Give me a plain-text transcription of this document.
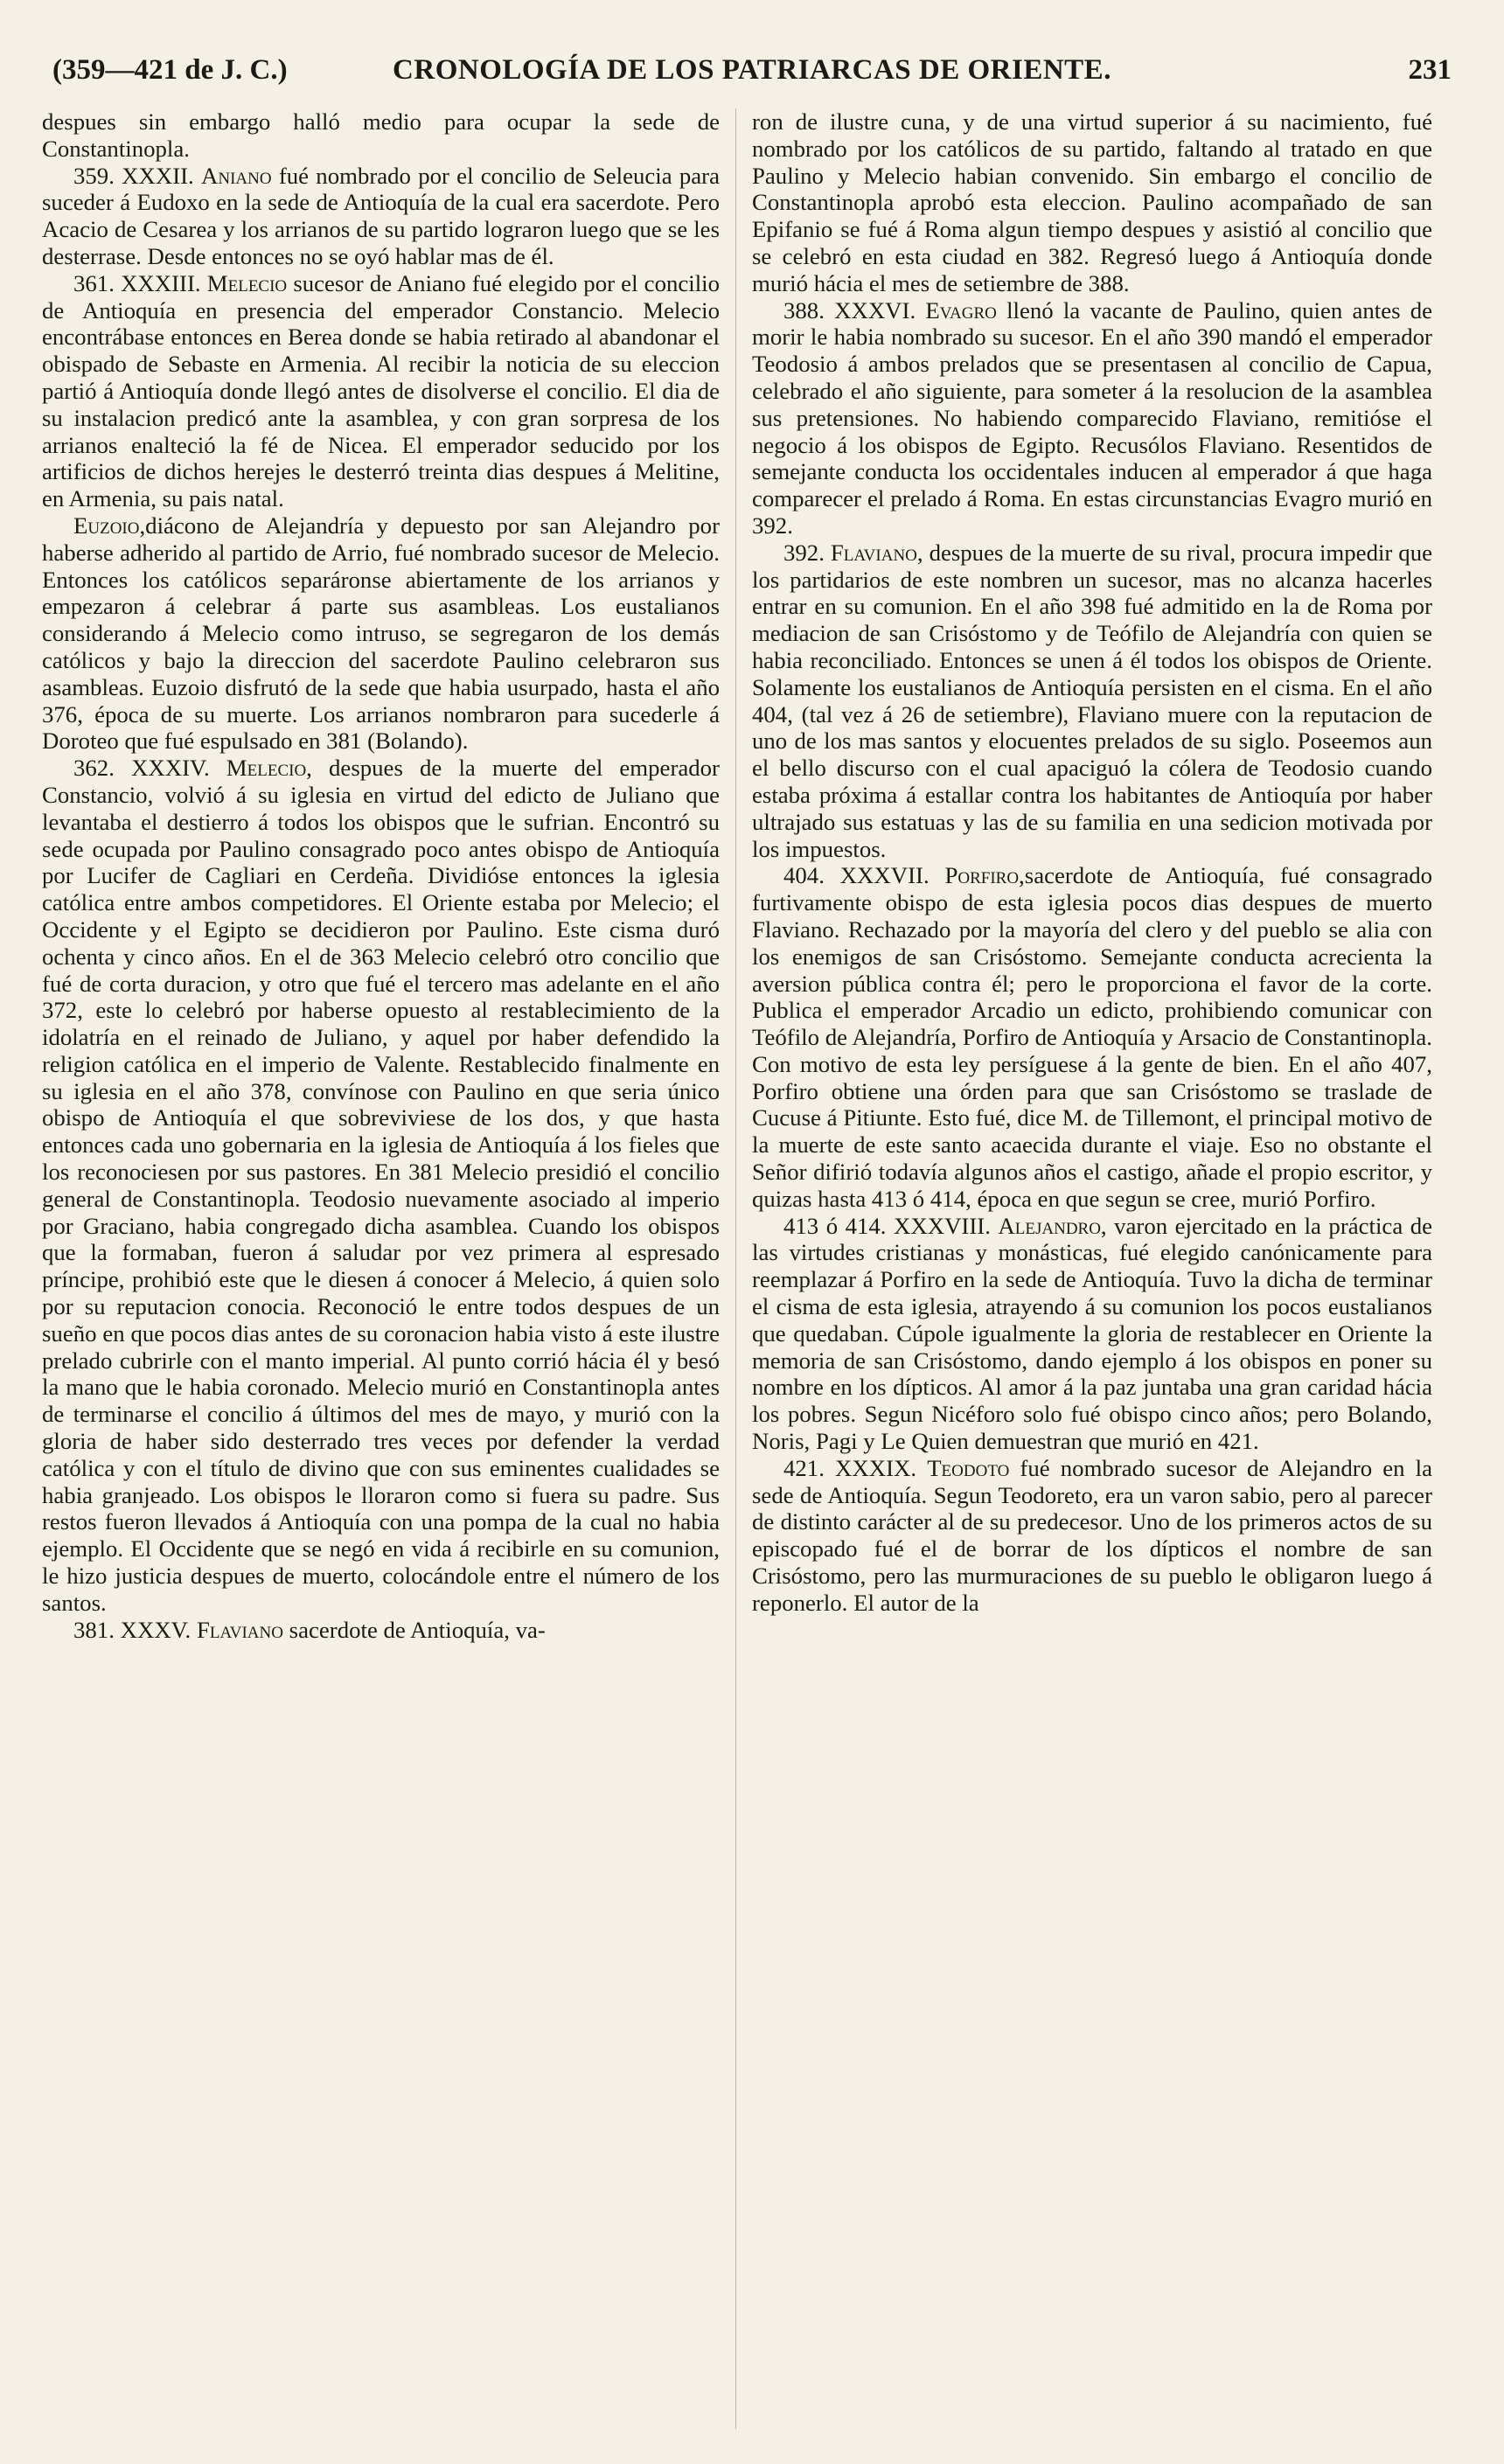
(359—421 de J. C.)	CRONOLOGÍA DE LOS PATRIARCAS DE ORIENTE.	231

despues sin embargo halló medio para ocupar la sede de Constantinopla.

359. XXXII. Aniano fué nombrado por el concilio de Seleucia para suceder á Eudoxo en la sede de Antioquía de la cual era sacerdote. Pero Acacio de Cesarea y los arrianos de su partido lograron luego que se les desterrase. Desde entonces no se oyó hablar mas de él.

361. XXXIII. Melecio sucesor de Aniano fué elegido por el concilio de Antioquía en presencia del emperador Constancio. Melecio encontrábase entonces en Berea donde se habia retirado al abandonar el obispado de Sebaste en Armenia. Al recibir la noticia de su eleccion partió á Antioquía donde llegó antes de disolverse el concilio. El dia de su instalacion predicó ante la asamblea, y con gran sorpresa de los arrianos enalteció la fé de Nicea. El emperador seducido por los artificios de dichos herejes le desterró treinta dias despues á Melitine, en Armenia, su pais natal.

Euzoio,diácono de Alejandría y depuesto por san Alejandro por haberse adherido al partido de Arrio, fué nombrado sucesor de Melecio. Entonces los católicos separáronse abiertamente de los arrianos y empezaron á celebrar á parte sus asambleas. Los eustalianos considerando á Melecio como intruso, se segregaron de los demás católicos y bajo la direccion del sacerdote Paulino celebraron sus asambleas. Euzoio disfrutó de la sede que habia usurpado, hasta el año 376, época de su muerte. Los arrianos nombraron para sucederle á Doroteo que fué espulsado en 381 (Bolando).

362. XXXIV. Melecio, despues de la muerte del emperador Constancio, volvió á su iglesia en virtud del edicto de Juliano que levantaba el destierro á todos los obispos que le sufrian. Encontró su sede ocupada por Paulino consagrado poco antes obispo de Antioquía por Lucifer de Cagliari en Cerdeña. Dividióse entonces la iglesia católica entre ambos competidores. El Oriente estaba por Melecio; el Occidente y el Egipto se decidieron por Paulino. Este cisma duró ochenta y cinco años. En el de 363 Melecio celebró otro concilio que fué de corta duracion, y otro que fué el tercero mas adelante en el año 372, este lo celebró por haberse opuesto al restablecimiento de la idolatría en el reinado de Juliano, y aquel por haber defendido la religion católica en el imperio de Valente. Restablecido finalmente en su iglesia en el año 378, convínose con Paulino en que seria único obispo de Antioquía el que sobreviviese de los dos, y que hasta entonces cada uno gobernaria en la iglesia de Antioquía á los fieles que los reconociesen por sus pastores. En 381 Melecio presidió el concilio general de Constantinopla. Teodosio nuevamente asociado al imperio por Graciano, habia congregado dicha asamblea. Cuando los obispos que la formaban, fueron á saludar por vez primera al espresado príncipe, prohibió este que le diesen á conocer á Melecio, á quien solo por su reputacion conocia. Reconoció le entre todos despues de un sueño en que pocos dias antes de su coronacion habia visto á este ilustre prelado cubrirle con el manto imperial. Al punto corrió hácia él y besó la mano que le habia coronado. Melecio murió en Constantinopla antes de terminarse el concilio á últimos del mes de mayo, y murió con la gloria de haber sido desterrado tres veces por defender la verdad católica y con el título de divino que con sus eminentes cualidades se habia granjeado. Los obispos le lloraron como si fuera su padre. Sus restos fueron llevados á Antioquía con una pompa de la cual no habia ejemplo. El Occidente que se negó en vida á recibirle en su comunion, le hizo justicia despues de muerto, colocándole entre el número de los santos.

381. XXXV. Flaviano sacerdote de Antioquía, va-

ron de ilustre cuna, y de una virtud superior á su nacimiento, fué nombrado por los católicos de su partido, faltando al tratado en que Paulino y Melecio habian convenido. Sin embargo el concilio de Constantinopla aprobó esta eleccion. Paulino acompañado de san Epifanio se fué á Roma algun tiempo despues y asistió al concilio que se celebró en esta ciudad en 382. Regresó luego á Antioquía donde murió hácia el mes de setiembre de 388.

388. XXXVI. Evagro llenó la vacante de Paulino, quien antes de morir le habia nombrado su sucesor. En el año 390 mandó el emperador Teodosio á ambos prelados que se presentasen al concilio de Capua, celebrado el año siguiente, para someter á la resolucion de la asamblea sus pretensiones. No habiendo comparecido Flaviano, remitióse el negocio á los obispos de Egipto. Recusólos Flaviano. Resentidos de semejante conducta los occidentales inducen al emperador á que haga comparecer el prelado á Roma. En estas circunstancias Evagro murió en 392.

392. Flaviano, despues de la muerte de su rival, procura impedir que los partidarios de este nombren un sucesor, mas no alcanza hacerles entrar en su comunion. En el año 398 fué admitido en la de Roma por mediacion de san Crisóstomo y de Teófilo de Alejandría con quien se habia reconciliado. Entonces se unen á él todos los obispos de Oriente. Solamente los eustalianos de Antioquía persisten en el cisma. En el año 404, (tal vez á 26 de setiembre), Flaviano muere con la reputacion de uno de los mas santos y elocuentes prelados de su siglo. Poseemos aun el bello discurso con el cual apaciguó la cólera de Teodosio cuando estaba próxima á estallar contra los habitantes de Antioquía por haber ultrajado sus estatuas y las de su familia en una sedicion motivada por los impuestos.

404. XXXVII. Porfiro,sacerdote de Antioquía, fué consagrado furtivamente obispo de esta iglesia pocos dias despues de muerto Flaviano. Rechazado por la mayoría del clero y del pueblo se alia con los enemigos de san Crisóstomo. Semejante conducta acrecienta la aversion pública contra él; pero le proporciona el favor de la corte. Publica el emperador Arcadio un edicto, prohibiendo comunicar con Teófilo de Alejandría, Porfiro de Antioquía y Arsacio de Constantinopla. Con motivo de esta ley persíguese á la gente de bien. En el año 407, Porfiro obtiene una órden para que san Crisóstomo se traslade de Cucuse á Pitiunte. Esto fué, dice M. de Tillemont, el principal motivo de la muerte de este santo acaecida durante el viaje. Eso no obstante el Señor difirió todavía algunos años el castigo, añade el propio escritor, y quizas hasta 413 ó 414, época en que segun se cree, murió Porfiro.

413 ó 414. XXXVIII. Alejandro, varon ejercitado en la práctica de las virtudes cristianas y monásticas, fué elegido canónicamente para reemplazar á Porfiro en la sede de Antioquía. Tuvo la dicha de terminar el cisma de esta iglesia, atrayendo á su comunion los pocos eustalianos que quedaban. Cúpole igualmente la gloria de restablecer en Oriente la memoria de san Crisóstomo, dando ejemplo á los obispos en poner su nombre en los dípticos. Al amor á la paz juntaba una gran caridad hácia los pobres. Segun Nicéforo solo fué obispo cinco años; pero Bolando, Noris, Pagi y Le Quien demuestran que murió en 421.

421. XXXIX. Teodoto fué nombrado sucesor de Alejandro en la sede de Antioquía. Segun Teodoreto, era un varon sabio, pero al parecer de distinto carácter al de su predecesor. Uno de los primeros actos de su episcopado fué el de borrar de los dípticos el nombre de san Crisóstomo, pero las murmuraciones de su pueblo le obligaron luego á reponerlo. El autor de la
